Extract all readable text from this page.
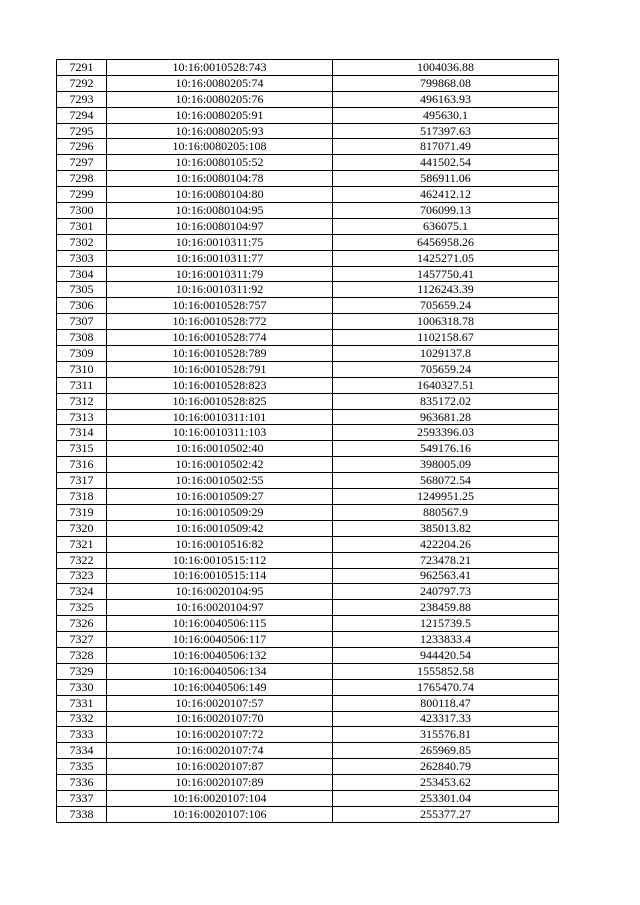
7291	10:16:0010528:743	1004036.88
7292	10:16:0080205:74	799868.08
7293	10:16:0080205:76	496163.93
7294	10:16:0080205:91	495630.1
7295	10:16:0080205:93	517397.63
7296	10:16:0080205:108	817071.49
7297	10:16:0080105:52	441502.54
7298	10:16:0080104:78	586911.06
7299	10:16:0080104:80	462412.12
7300	10:16:0080104:95	706099.13
7301	10:16:0080104:97	636075.1
7302	10:16:0010311:75	6456958.26
7303	10:16:0010311:77	1425271.05
7304	10:16:0010311:79	1457750.41
7305	10:16:0010311:92	1126243.39
7306	10:16:0010528:757	705659.24
7307	10:16:0010528:772	1006318.78
7308	10:16:0010528:774	1102158.67
7309	10:16:0010528:789	1029137.8
7310	10:16:0010528:791	705659.24
7311	10:16:0010528:823	1640327.51
7312	10:16:0010528:825	835172.02
7313	10:16:0010311:101	963681.28
7314	10:16:0010311:103	2593396.03
7315	10:16:0010502:40	549176.16
7316	10:16:0010502:42	398005.09
7317	10:16:0010502:55	568072.54
7318	10:16:0010509:27	1249951.25
7319	10:16:0010509:29	880567.9
7320	10:16:0010509:42	385013.82
7321	10:16:0010516:82	422204.26
7322	10:16:0010515:112	723478.21
7323	10:16:0010515:114	962563.41
7324	10:16:0020104:95	240797.73
7325	10:16:0020104:97	238459.88
7326	10:16:0040506:115	1215739.5
7327	10:16:0040506:117	1233833.4
7328	10:16:0040506:132	944420.54
7329	10:16:0040506:134	1555852.58
7330	10:16:0040506:149	1765470.74
7331	10:16:0020107:57	800118.47
7332	10:16:0020107:70	423317.33
7333	10:16:0020107:72	315576.81
7334	10:16:0020107:74	265969.85
7335	10:16:0020107:87	262840.79
7336	10:16:0020107:89	253453.62
7337	10:16:0020107:104	253301.04
7338	10:16:0020107:106	255377.27
